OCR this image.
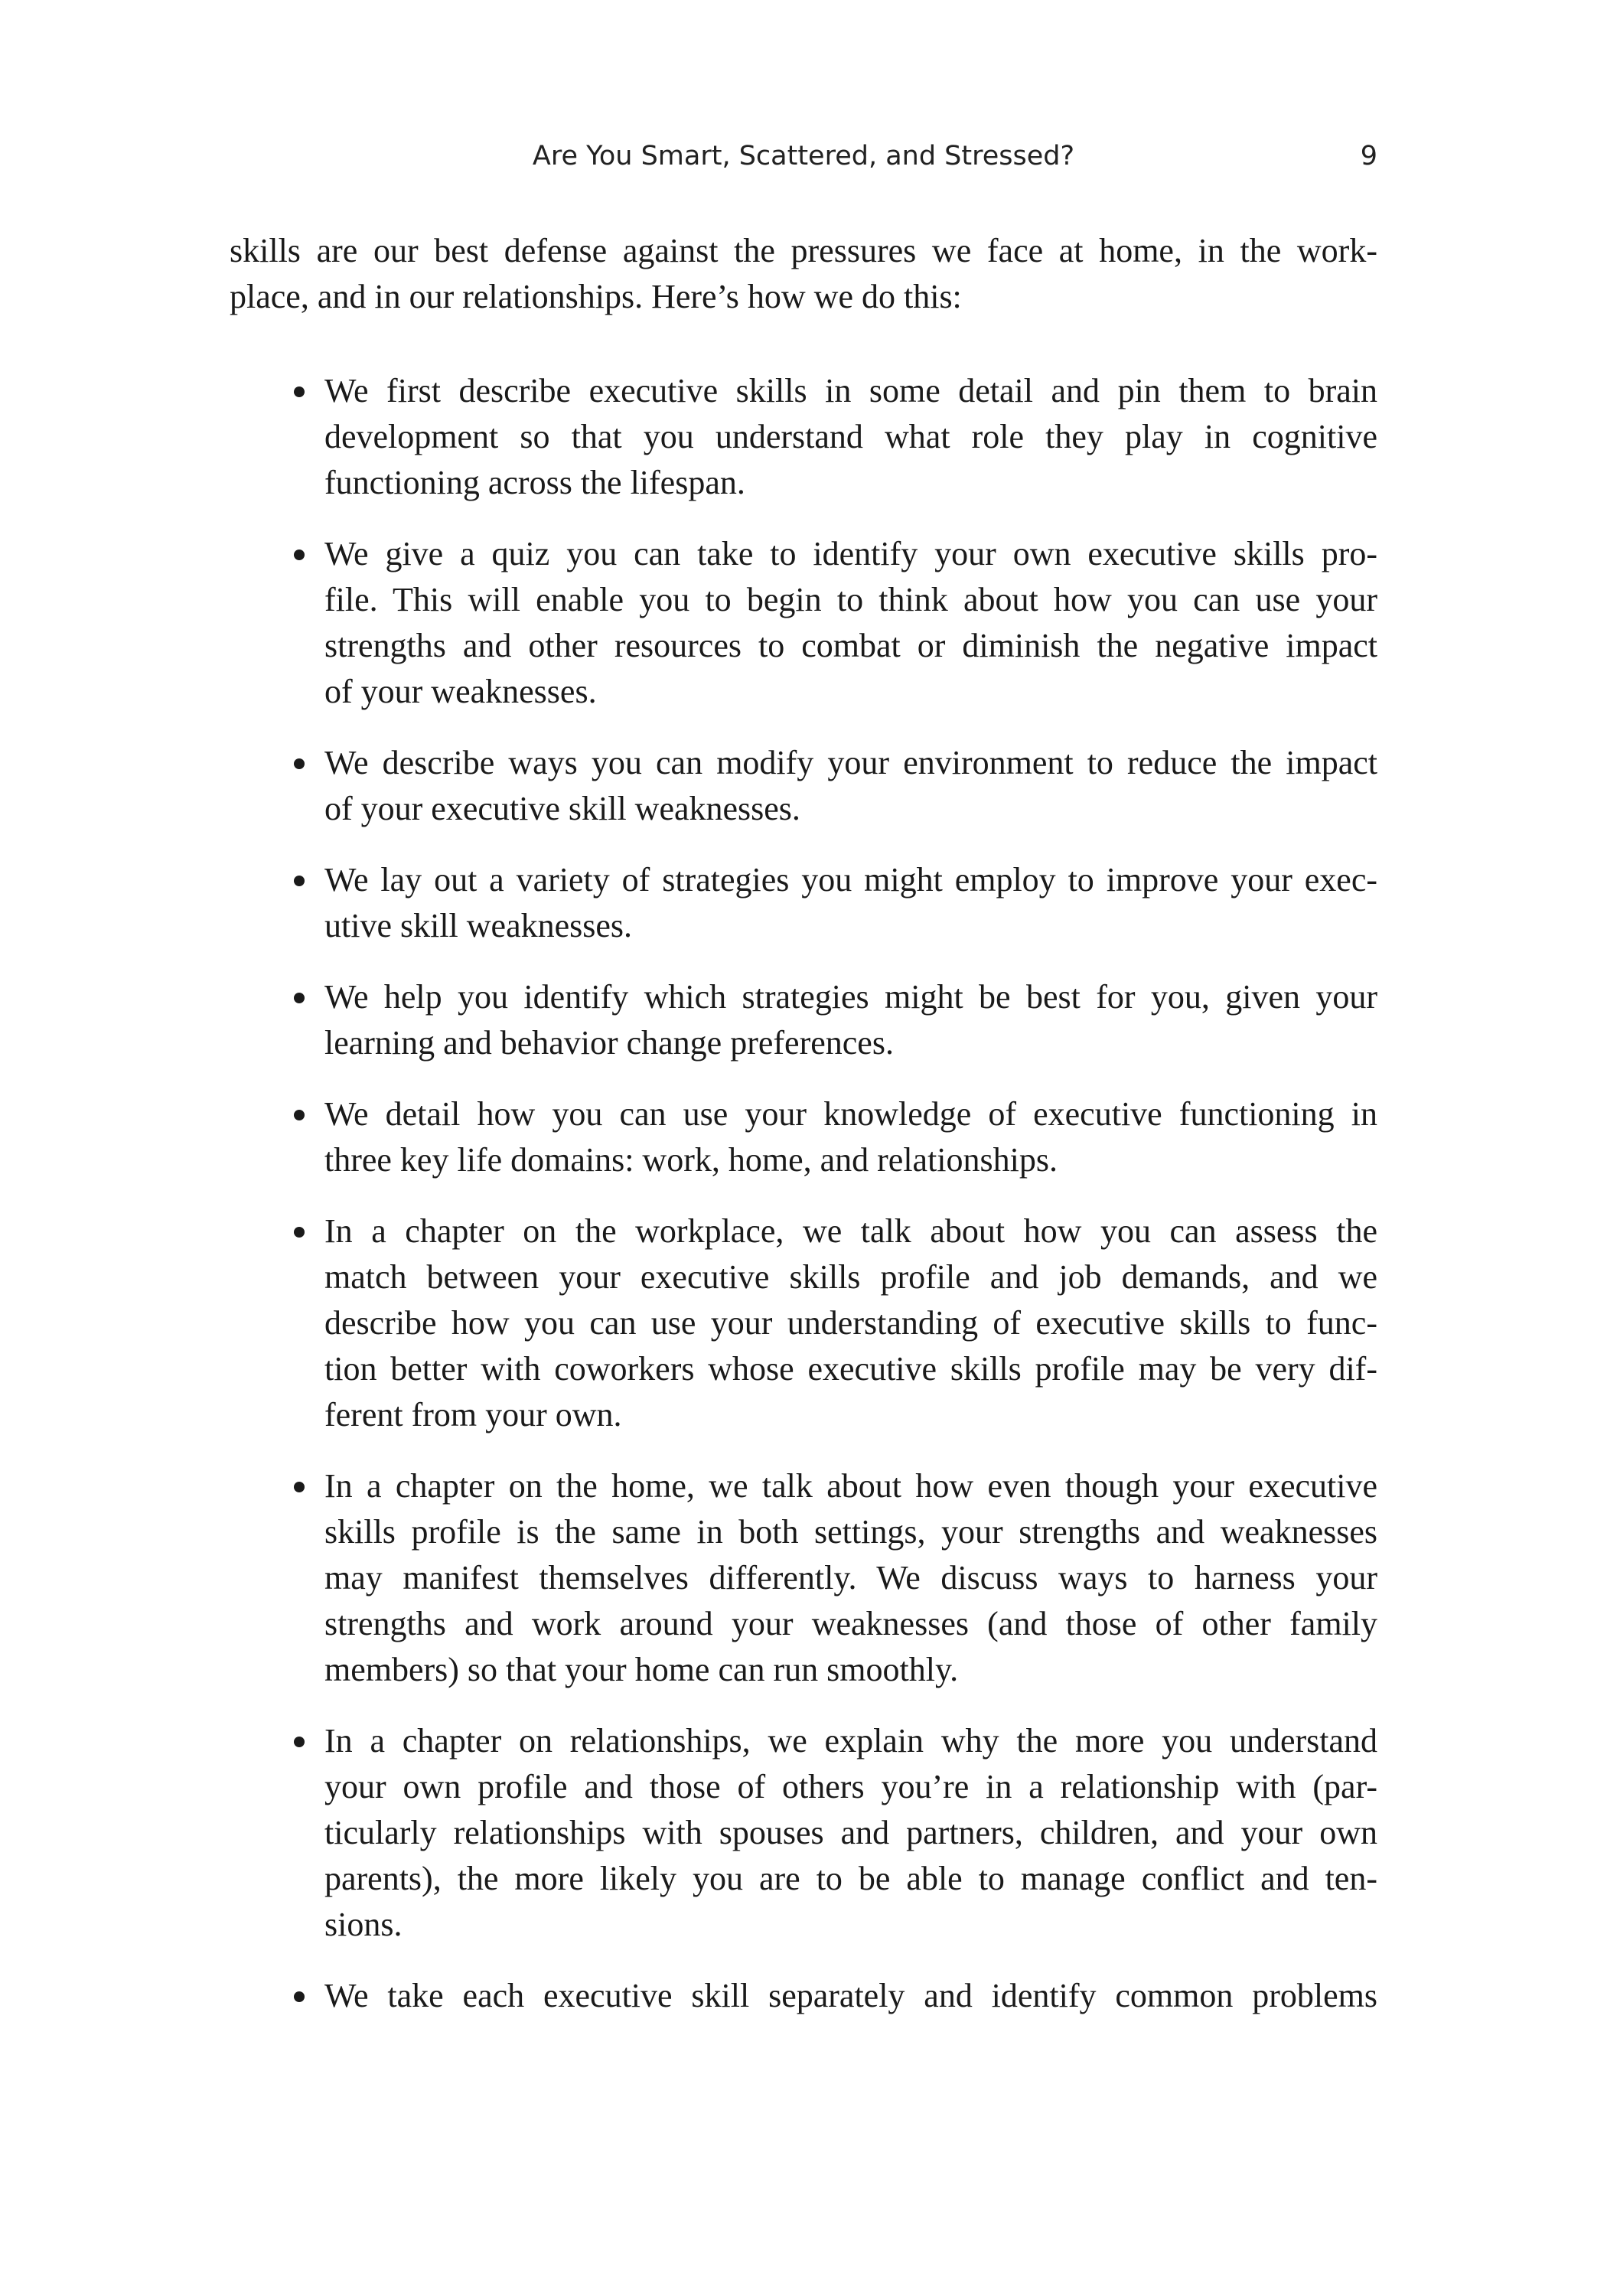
Are You Smart, Scattered, and Stressed?	9
skills are our best defense against the pressures we face at home, in the work-
place, and in our relationships. Here’s how we do this:
We first describe executive skills in some detail and pin them to brain
development so that you understand what role they play in cognitive
functioning across the lifespan.
We give a quiz you can take to identify your own executive skills pro-
file. This will enable you to begin to think about how you can use your
strengths and other resources to combat or diminish the negative impact
of your weaknesses.
We describe ways you can modify your environment to reduce the impact
of your executive skill weaknesses.
We lay out a variety of strategies you might employ to improve your exec-
utive skill weaknesses.
We help you identify which strategies might be best for you, given your
learning and behavior change preferences.
We detail how you can use your knowledge of executive functioning in
three key life domains: work, home, and relationships.
In a chapter on the workplace, we talk about how you can assess the
match between your executive skills profile and job demands, and we
describe how you can use your understanding of executive skills to func-
tion better with coworkers whose executive skills profile may be very dif-
ferent from your own.
In a chapter on the home, we talk about how even though your executive
skills profile is the same in both settings, your strengths and weaknesses
may manifest themselves differently. We discuss ways to harness your
strengths and work around your weaknesses (and those of other family
members) so that your home can run smoothly.
In a chapter on relationships, we explain why the more you understand
your own profile and those of others you’re in a relationship with (par-
ticularly relationships with spouses and partners, children, and your own
parents), the more likely you are to be able to manage conflict and ten-
sions.
We take each executive skill separately and identify common problems
